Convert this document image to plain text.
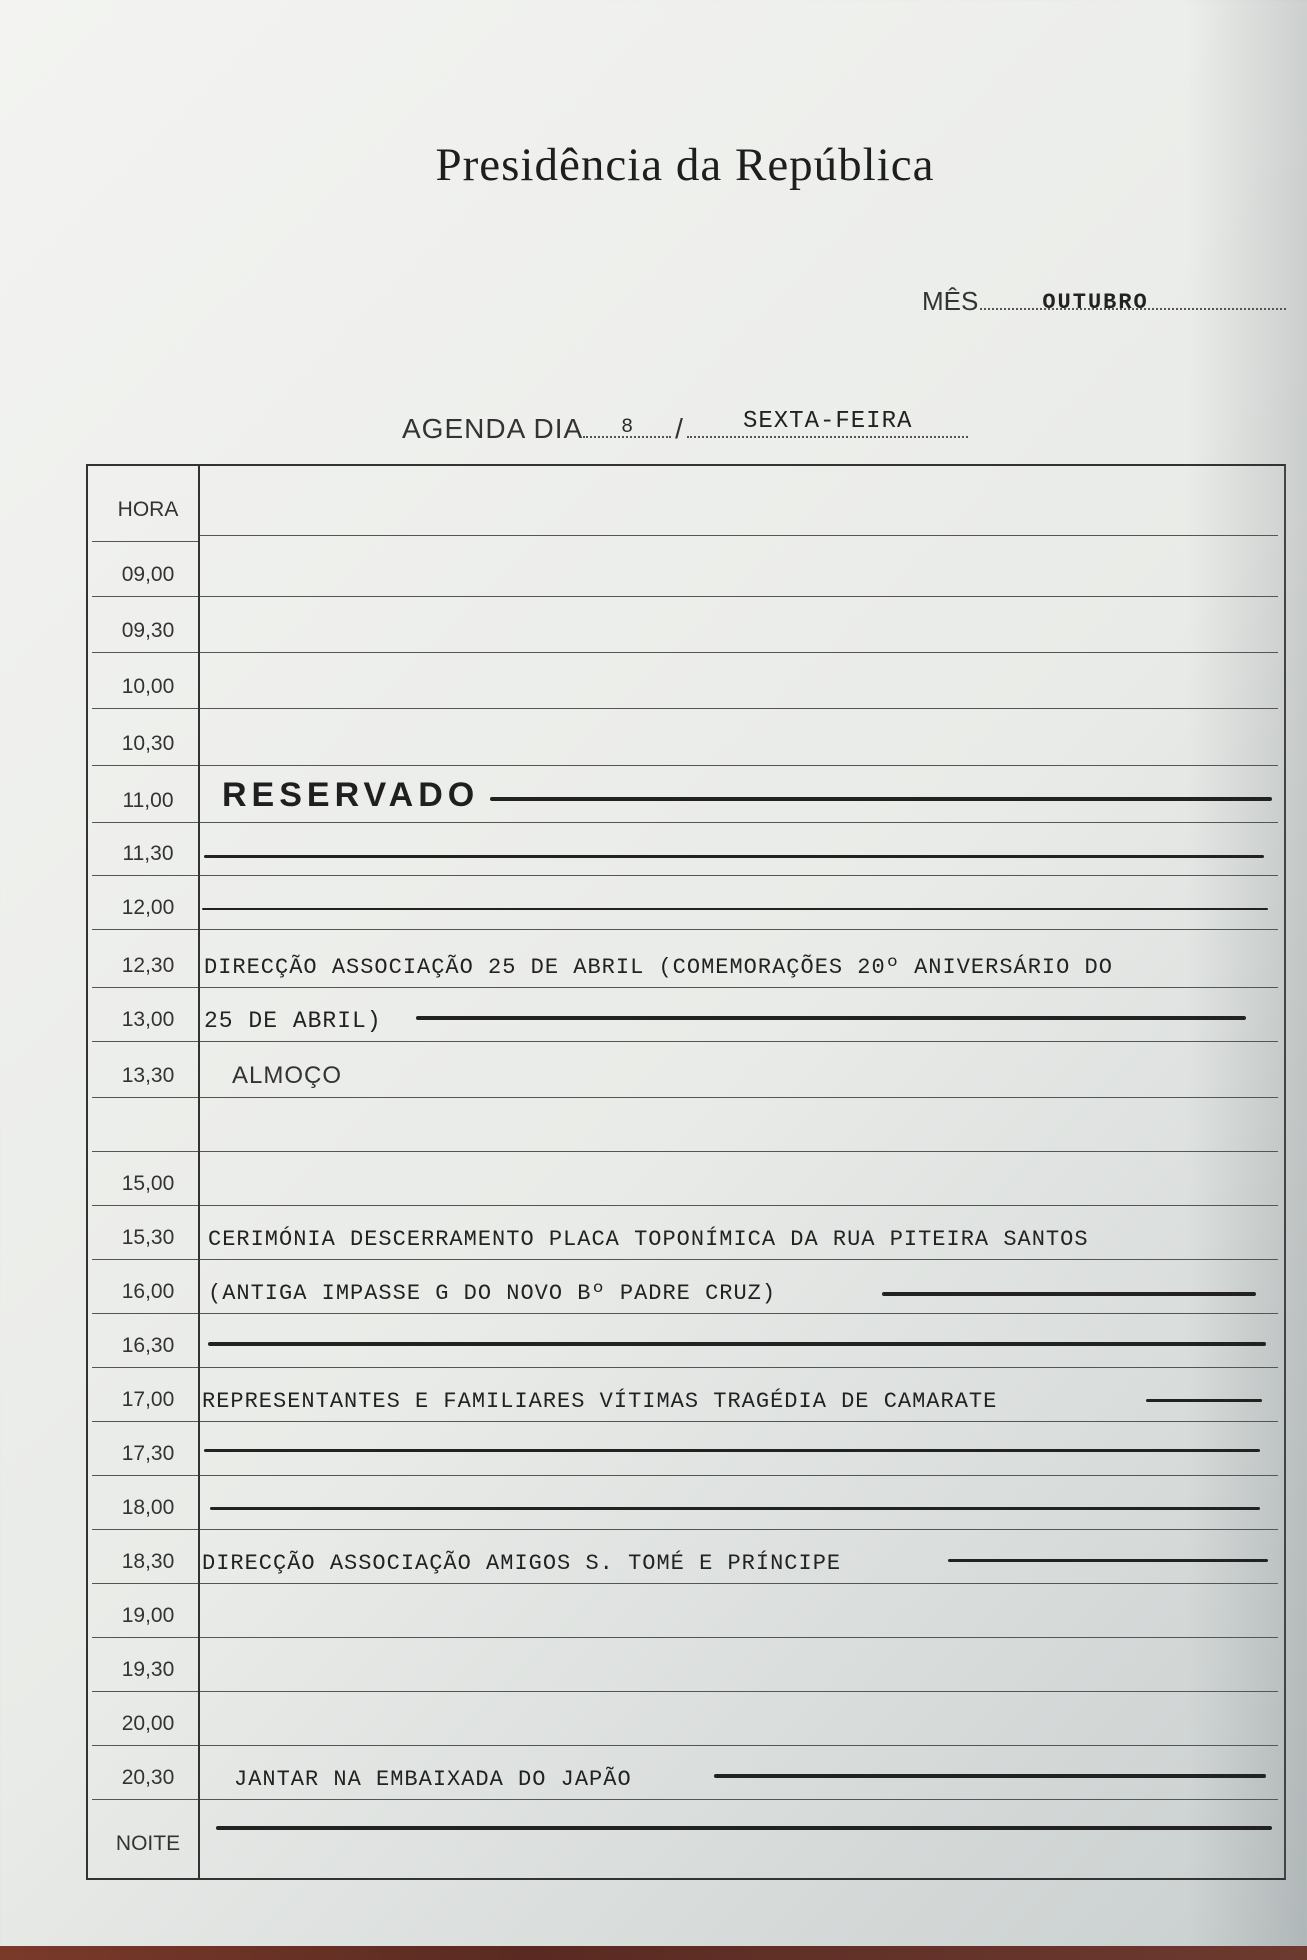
Presidência da República
MÊS	OUTUBRO
AGENDA DIA 8 /	SEXTA-FEIRA
HORA
09,00
09,30
10,00
10,30
11,00
11,30
12,00
12,30
13,00
13,30
15,00
15,30
16,00
16,30
17,00
17,30
18,00
18,30
19,00
19,30
20,00
20,30
NOITE
RESERVADO
DIRECÇÃO ASSOCIAÇÃO 25 DE ABRIL (COMEMORAÇÕES 20º ANIVERSÁRIO DO
25 DE ABRIL)
ALMOÇO
CERIMÓNIA DESCERRAMENTO PLACA TOPONÍMICA DA RUA PITEIRA SANTOS
(ANTIGA IMPASSE G DO NOVO Bº PADRE CRUZ)
REPRESENTANTES E FAMILIARES VÍTIMAS TRAGÉDIA DE CAMARATE
DIRECÇÃO ASSOCIAÇÃO AMIGOS S. TOMÉ E PRÍNCIPE
JANTAR NA EMBAIXADA DO JAPÃO
